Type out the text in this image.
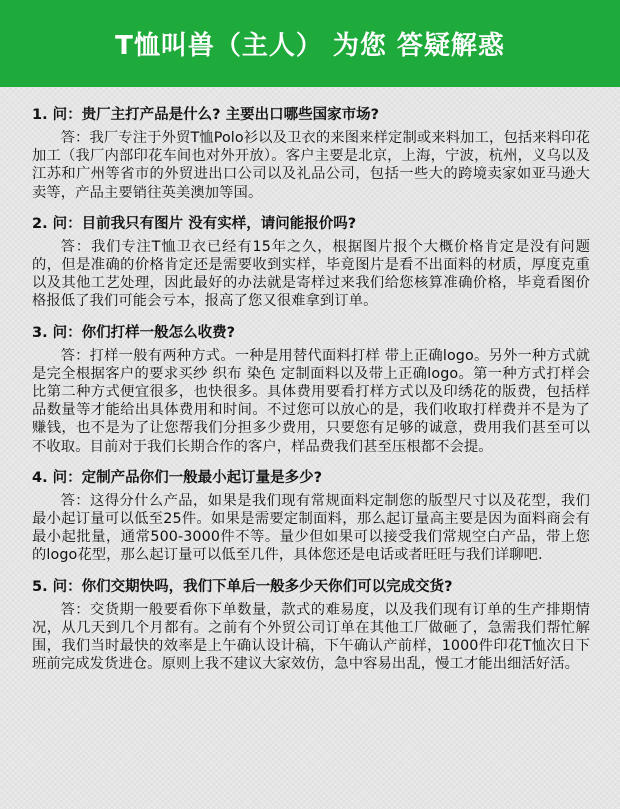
T恤叫兽（主人） 为您 答疑解惑
1. 问：贵厂主打产品是什么? 主要出口哪些国家市场?

答：我厂专注于外贸T恤Polo衫以及卫衣的来图来样定制或来料加工，包括来料印花加工（我厂内部印花车间也对外开放）。客户主要是北京，上海，宁波，杭州，义乌以及江苏和广州等省市的外贸进出口公司以及礼品公司，包括一些大的跨境卖家如亚马逊大卖等，产品主要销往英美澳加等国。

2. 问：目前我只有图片 没有实样，请问能报价吗?

答：我们专注T恤卫衣已经有15年之久，根据图片报个大概价格肯定是没有问题的，但是准确的价格肯定还是需要收到实样，毕竟图片是看不出面料的材质，厚度克重以及其他工艺处理，因此最好的办法就是寄样过来我们给您核算准确价格，毕竟看图价格报低了我们可能会亏本，报高了您又很难拿到订单。

3. 问：你们打样一般怎么收费?

答：打样一般有两种方式。一种是用替代面料打样 带上正确logo。另外一种方式就是完全根据客户的要求买纱 织布 染色 定制面料以及带上正确logo。第一种方式打样会比第二种方式便宜很多，也快很多。具体费用要看打样方式以及印绣花的版费，包括样品数量等才能给出具体费用和时间。不过您可以放心的是，我们收取打样费并不是为了赚钱，也不是为了让您帮我们分担多少费用，只要您有足够的诚意，费用我们甚至可以不收取。目前对于我们长期合作的客户，样品费我们甚至压根都不会提。

4. 问：定制产品你们一般最小起订量是多少?

答：这得分什么产品，如果是我们现有常规面料定制您的版型尺寸以及花型，我们最小起订量可以低至25件。如果是需要定制面料，那么起订量高主要是因为面料商会有最小起批量，通常500-3000件不等。量少但如果可以接受我们常规空白产品，带上您的logo花型，那么起订量可以低至几件，具体您还是电话或者旺旺与我们详聊吧.

5. 问：你们交期快吗，我们下单后一般多少天你们可以完成交货?

答：交货期一般要看你下单数量，款式的难易度，以及我们现有订单的生产排期情况，从几天到几个月都有。之前有个外贸公司订单在其他工厂做砸了，急需我们帮忙解围，我们当时最快的效率是上午确认设计稿，下午确认产前样，1000件印花T恤次日下班前完成发货进仓。原则上我不建议大家效仿，急中容易出乱，慢工才能出细活好活。
